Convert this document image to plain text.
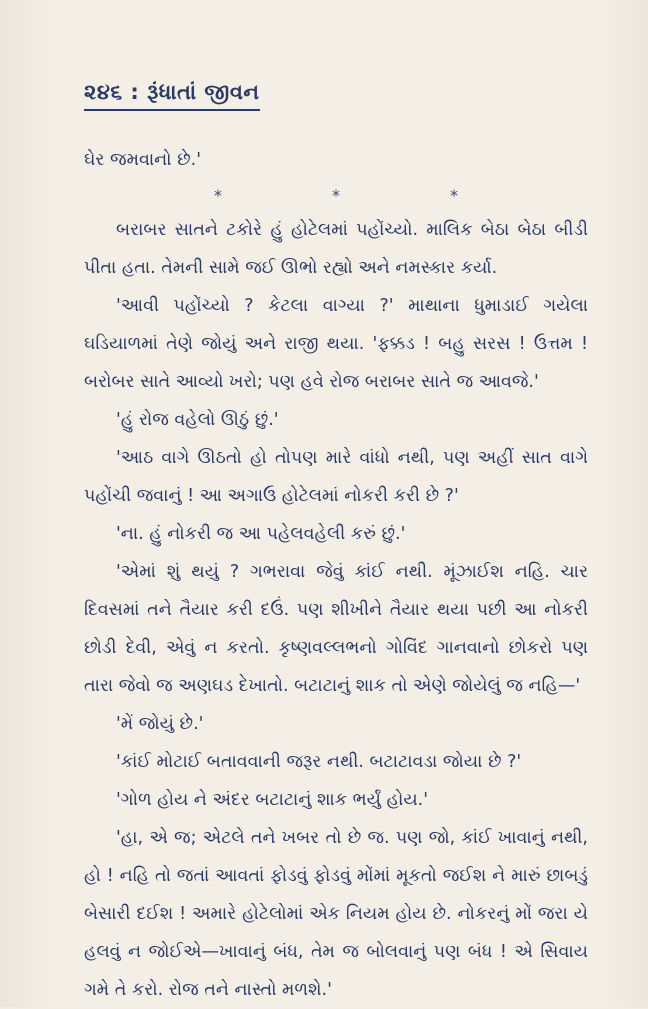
૨૪૬ : રૂંધાતાં જીવન

ઘેર જમવાનો છે.'

*	*	*

બરાબર સાતને ટકોરે હું હોટેલમાં પહોંચ્યો. માલિક બેઠા બેઠા બીડી પીતા હતા. તેમની સામે જઈ ઊભો રહ્યો અને નમસ્કાર કર્યા.

'આવી પહોંચ્યો ? કેટલા વાગ્યા ?' માથાના ધુમાડાઈ ગયેલા ઘડિયાળમાં તેણે જોયું અને રાજી થયા. 'ફક્કડ ! બહુ સરસ ! ઉત્તમ ! બરોબર સાતે આવ્યો ખરો; પણ હવે રોજ બરાબર સાતે જ આવજે.'

'હું રોજ વહેલો ઊઠું છું.'

'આઠ વાગે ઊઠતો હો તોપણ મારે વાંધો નથી, પણ અહીં સાત વાગે પહોંચી જવાનું ! આ અગાઉ હોટેલમાં નોકરી કરી છે ?'

'ના. હું નોકરી જ આ પહેલવહેલી કરું છું.'

'એમાં શું થયું ? ગભરાવા જેવું કાંઈ નથી. મૂંઝાઈશ નહિ. ચાર દિવસમાં તને તૈયાર કરી દઉં. પણ શીખીને તૈયાર થયા પછી આ નોકરી છોડી દેવી, એવું ન કરતો. કૃષ્ણવલ્લભનો ગોવિંદ ગાનવાનો છોકરો પણ તારા જેવો જ અણઘડ દેખાતો. બટાટાનું શાક તો એણે જોયેલું જ નહિ—'

'મેં જોયું છે.'

'કાંઈ મોટાઈ બતાવવાની જરૂર નથી. બટાટાવડા જોયા છે ?'

'ગોળ હોય ને અંદર બટાટાનું શાક ભર્યું હોય.'

'હા, એ જ; એટલે તને ખબર તો છે જ. પણ જો, કાંઈ ખાવાનું નથી, હો ! નહિ તો જતાં આવતાં ફોડવું ફોડવું મોંમાં મૂકતો જઈશ ને મારું છાબડું બેસારી દઈશ ! અમારે હોટેલોમાં એક નિયમ હોય છે. નોકરનું મોં જરા યે હલવું ન જોઈએ—ખાવાનું બંધ, તેમ જ બોલવાનું પણ બંધ ! એ સિવાય ગમે તે કરો. રોજ તને નાસ્તો મળશે.'
